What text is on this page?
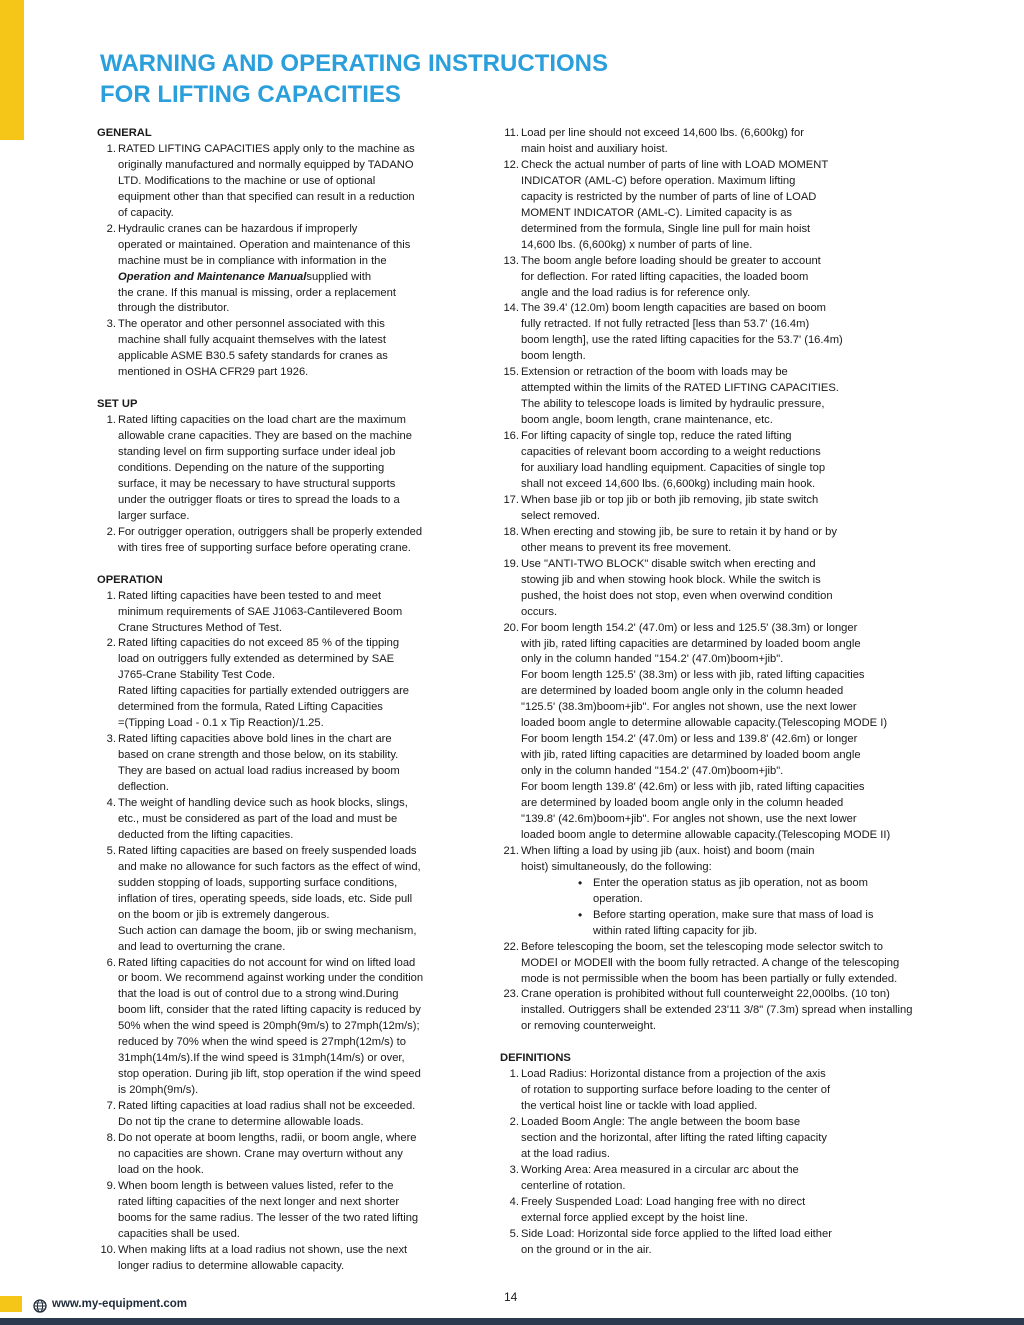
WARNING AND OPERATING INSTRUCTIONS
FOR LIFTING CAPACITIES
GENERAL
1. RATED LIFTING CAPACITIES apply only to the machine as
originally manufactured and normally equipped by TADANO
LTD. Modifications to the machine or use of optional
equipment other than that specified can result in a reduction
of capacity.
2. Hydraulic cranes can be hazardous if improperly
operated or maintained. Operation and maintenance of this
machine must be in compliance with information in the
Operation and Maintenance Manualsupplied with
the crane. If this manual is missing, order a replacement
through the distributor.
3. The operator and other personnel associated with this
machine shall fully acquaint themselves with the latest
applicable ASME B30.5 safety standards for cranes as
mentioned in OSHA CFR29 part 1926.
SET UP
1. Rated lifting capacities on the load chart are the maximum
allowable crane capacities. They are based on the machine
standing level on firm supporting surface under ideal job
conditions. Depending on the nature of the supporting
surface, it may be necessary to have structural supports
under the outrigger floats or tires to spread the loads to a
larger surface.
2. For outrigger operation, outriggers shall be properly extended
with tires free of supporting surface before operating crane.
OPERATION
1. Rated lifting capacities have been tested to and meet
minimum requirements of SAE J1063-Cantilevered Boom
Crane Structures Method of Test.
2. Rated lifting capacities do not exceed 85 % of the tipping
load on outriggers fully extended as determined by SAE
J765-Crane Stability Test Code.
Rated lifting capacities for partially extended outriggers are
determined from the formula, Rated Lifting Capacities
=(Tipping Load - 0.1 x Tip Reaction)/1.25.
3. Rated lifting capacities above bold lines in the chart are
based on crane strength and those below, on its stability.
They are based on actual load radius increased by boom
deflection.
4. The weight of handling device such as hook blocks, slings,
etc., must be considered as part of the load and must be
deducted from the lifting capacities.
5. Rated lifting capacities are based on freely suspended loads
and make no allowance for such factors as the effect of wind,
sudden stopping of loads, supporting surface conditions,
inflation of tires, operating speeds, side loads, etc. Side pull
on the boom or jib is extremely dangerous.
Such action can damage the boom, jib or swing mechanism,
and lead to overturning the crane.
6. Rated lifting capacities do not account for wind on lifted load
or boom. We recommend against working under the condition
that the load is out of control due to a strong wind.During
boom lift, consider that the rated lifting capacity is reduced by
50% when the wind speed is 20mph(9m/s) to 27mph(12m/s);
reduced by 70% when the wind speed is 27mph(12m/s) to
31mph(14m/s).If the wind speed is 31mph(14m/s) or over,
stop operation. During jib lift, stop operation if the wind speed
is 20mph(9m/s).
7. Rated lifting capacities at load radius shall not be exceeded.
Do not tip the crane to determine allowable loads.
8. Do not operate at boom lengths, radii, or boom angle, where
no capacities are shown. Crane may overturn without any
load on the hook.
9. When boom length is between values listed, refer to the
rated lifting capacities of the next longer and next shorter
booms for the same radius. The lesser of the two rated lifting
capacities shall be used.
10. When making lifts at a load radius not shown, use the next
longer radius to determine allowable capacity.
11. Load per line should not exceed 14,600 lbs. (6,600kg) for
main hoist and auxiliary hoist.
12. Check the actual number of parts of line with LOAD MOMENT
INDICATOR (AML-C) before operation. Maximum lifting
capacity is restricted by the number of parts of line of LOAD
MOMENT INDICATOR (AML-C). Limited capacity is as
determined from the formula, Single line pull for main hoist
14,600 lbs. (6,600kg) x number of parts of line.
13. The boom angle before loading should be greater to account
for deflection. For rated lifting capacities, the loaded boom
angle and the load radius is for reference only.
14. The 39.4' (12.0m) boom length capacities are based on boom
fully retracted. If not fully retracted [less than 53.7' (16.4m)
boom length], use the rated lifting capacities for the 53.7' (16.4m)
boom length.
15. Extension or retraction of the boom with loads may be
attempted within the limits of the RATED LIFTING CAPACITIES.
The ability to telescope loads is limited by hydraulic pressure,
boom angle, boom length, crane maintenance, etc.
16. For lifting capacity of single top, reduce the rated lifting
capacities of relevant boom according to a weight reductions
for auxiliary load handling equipment. Capacities of single top
shall not exceed 14,600 lbs. (6,600kg) including main hook.
17. When base jib or top jib or both jib removing, jib state switch
select removed.
18. When erecting and stowing jib, be sure to retain it by hand or by
other means to prevent its free movement.
19. Use "ANTI-TWO BLOCK" disable switch when erecting and
stowing jib and when stowing hook block. While the switch is
pushed, the hoist does not stop, even when overwind condition
occurs.
20. For boom length 154.2' (47.0m) or less and 125.5' (38.3m) or longer
with jib, rated lifting capacities are detarmined by loaded boom angle
only in the column handed "154.2' (47.0m)boom+jib".
For boom length 125.5' (38.3m) or less with jib, rated lifting capacities
are determined by loaded boom angle only in the column headed
"125.5' (38.3m)boom+jib". For angles not shown, use the next lower
loaded boom angle to determine allowable capacity.(Telescoping MODE I)
For boom length 154.2' (47.0m) or less and 139.8' (42.6m) or longer
with jib, rated lifting capacities are detarmined by loaded boom angle
only in the column handed "154.2' (47.0m)boom+jib".
For boom length 139.8' (42.6m) or less with jib, rated lifting capacities
are determined by loaded boom angle only in the column headed
"139.8' (42.6m)boom+jib". For angles not shown, use the next lower
loaded boom angle to determine allowable capacity.(Telescoping MODE II)
21. When lifting a load by using jib (aux. hoist) and boom (main
hoist) simultaneously, do the following:
• Enter the operation status as jib operation, not as boom
operation.
• Before starting operation, make sure that mass of load is
within rated lifting capacity for jib.
22. Before telescoping the boom, set the telescoping mode selector switch to
MODEⅠ or MODEⅡ with the boom fully retracted. A change of the telescoping
mode is not permissible when the boom has been partially or fully extended.
23. Crane operation is prohibited without full counterweight 22,000lbs. (10 ton)
installed. Outriggers shall be extended 23'11 3/8" (7.3m) spread when installing
or removing counterweight.
DEFINITIONS
1. Load Radius: Horizontal distance from a projection of the axis
of rotation to supporting surface before loading to the center of
the vertical hoist line or tackle with load applied.
2. Loaded Boom Angle: The angle between the boom base
section and the horizontal, after lifting the rated lifting capacity
at the load radius.
3. Working Area: Area measured in a circular arc about the
centerline of rotation.
4. Freely Suspended Load: Load hanging free with no direct
external force applied except by the hoist line.
5. Side Load: Horizontal side force applied to the lifted load either
on the ground or in the air.
14
www.my-equipment.com
